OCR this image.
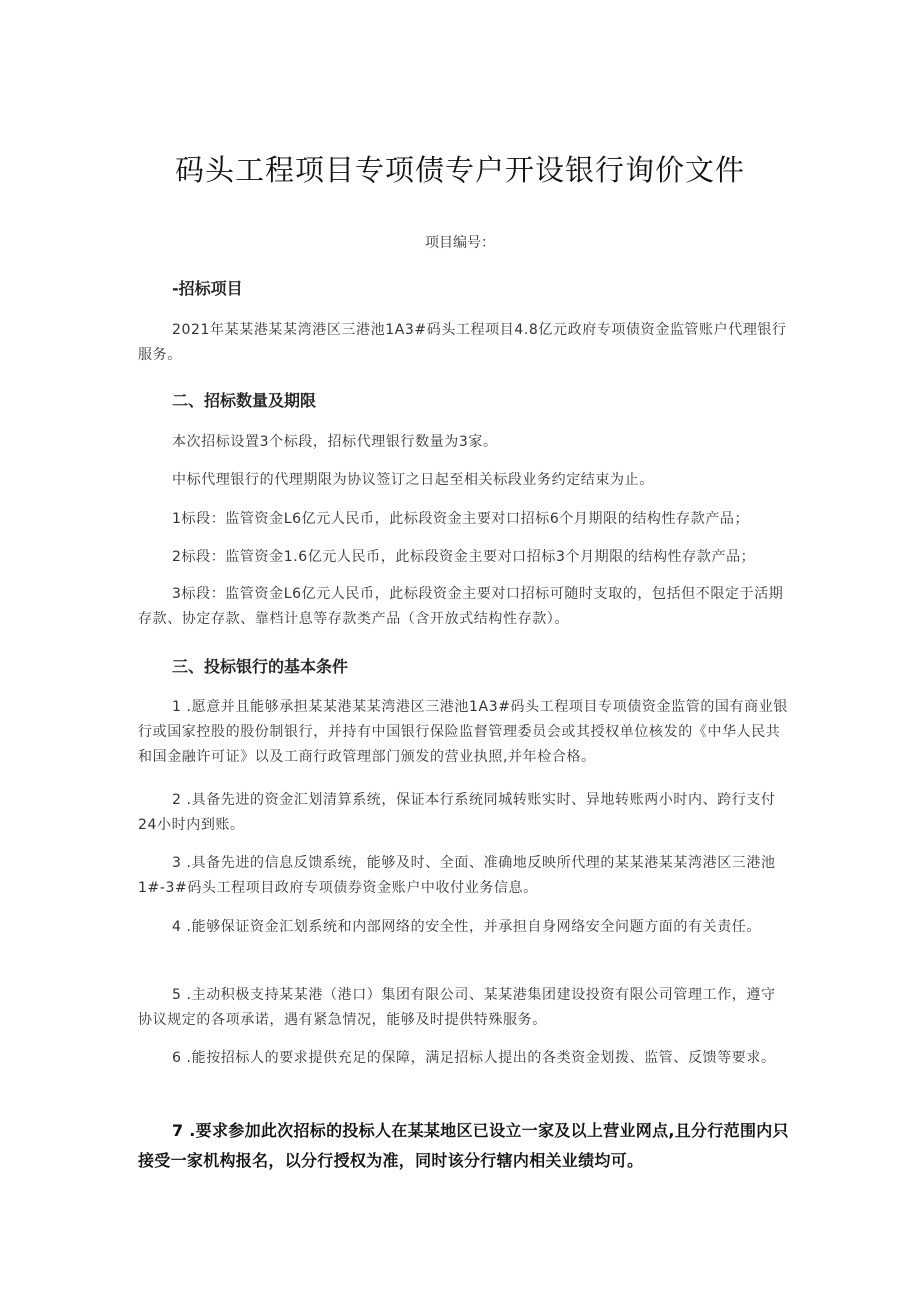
码头工程项目专项债专户开设银行询价文件
项目编号：
-招标项目

2021年某某港某某湾港区三港池1A3#码头工程项目4.8亿元政府专项债资金监管账户代理银行服务。

二、招标数量及期限

本次招标设置3个标段，招标代理银行数量为3家。

中标代理银行的代理期限为协议签订之日起至相关标段业务约定结束为止。

1标段：监管资金L6亿元人民币，此标段资金主要对口招标6个月期限的结构性存款产品；

2标段：监管资金1.6亿元人民币，此标段资金主要对口招标3个月期限的结构性存款产品；

3标段：监管资金L6亿元人民币，此标段资金主要对口招标可随时支取的，包括但不限定于活期存款、协定存款、靠档计息等存款类产品（含开放式结构性存款）。

三、投标银行的基本条件

1 .愿意并且能够承担某某港某某湾港区三港池1A3#码头工程项目专项债资金监管的国有商业银行或国家控股的股份制银行，并持有中国银行保险监督管理委员会或其授权单位核发的《中华人民共和国金融许可证》以及工商行政管理部门颁发的营业执照,并年检合格。

2 .具备先进的资金汇划清算系统，保证本行系统同城转账实时、异地转账两小时内、跨行支付24小时内到账。

3 .具备先进的信息反馈系统，能够及时、全面、准确地反映所代理的某某港某某湾港区三港池1#-3#码头工程项目政府专项债券资金账户中收付业务信息。

4 .能够保证资金汇划系统和内部网络的安全性，并承担自身网络安全问题方面的有关责任。

5 .主动积极支持某某港（港口）集团有限公司、某某港集团建设投资有限公司管理工作，遵守协议规定的各项承诺，遇有紧急情况，能够及时提供特殊服务。

6 .能按招标人的要求提供充足的保障，满足招标人提出的各类资金划拨、监管、反馈等要求。

7 .要求参加此次招标的投标人在某某地区已设立一家及以上营业网点,且分行范围内只接受一家机构报名，以分行授权为准，同时该分行辖内相关业绩均可。
